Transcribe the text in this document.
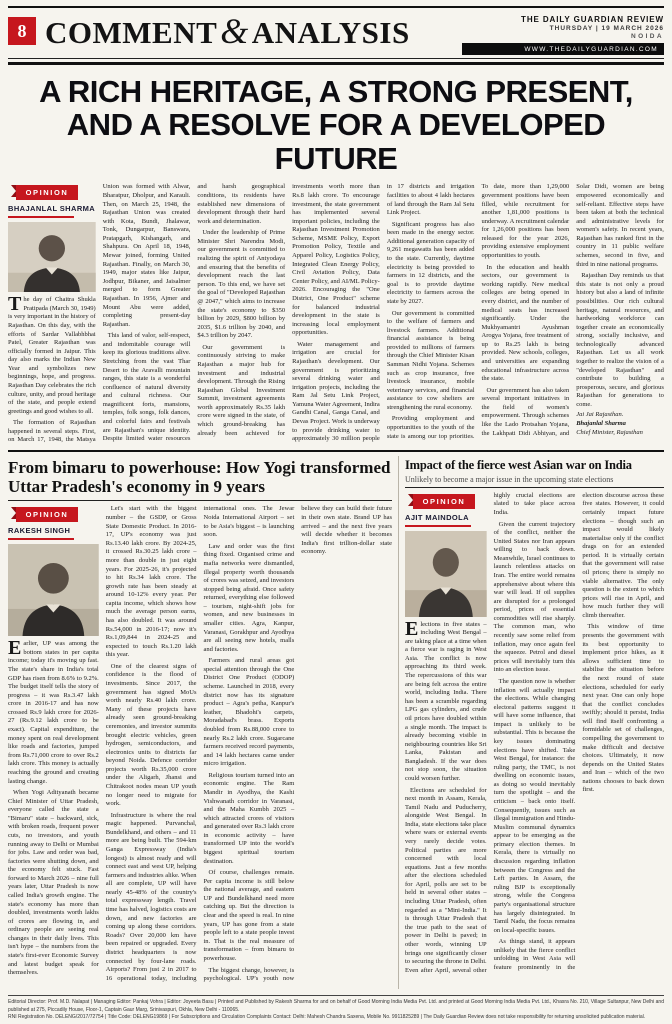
8 COMMENT&ANALYSIS	THE DAILY GUARDIAN REVIEW
THURSDAY | 19 MARCH 2026
NOIDA
WWW.THEDAILYGUARDIAN.COM
A RICH HERITAGE, A STRONG PRESENT,
AND A RESOLVE FOR A DEVELOPED FUTURE
OPINION
BHAJANLAL SHARMA

The day of Chaitra Shukla Pratipada (March 30, 1949) is very important in the history of Rajasthan. On this day, with the efforts of Sardar Vallabhbhai Patel, Greater Rajasthan was officially formed in Jaipur. This day also marks the Indian New Year and symbolizes new beginnings, hope, and progress. Rajasthan Day celebrates the rich culture, unity, and proud heritage of the state, and people extend greetings and good wishes to all.

The formation of Rajasthan happened in several steps. First, on March 17, 1948, the Matsya Union was formed with Alwar, Bharatpur, Dholpur, and Karauli. Then, on March 25, 1948, the Rajasthan Union was created with Kota, Bundi, Jhalawar, Tonk, Dungarpur, Banswara, Pratapgarh, Kishangarh, and Shahpura. On April 18, 1948, Mewar joined, forming United Rajasthan. Finally, on March 30, 1949, major states like Jaipur, Jodhpur, Bikaner, and Jaisalmer merged to form Greater Rajasthan. In 1956, Ajmer and Mount Abu were added, completing present-day Rajasthan.

This land of valor, self-respect, and indomitable courage will keep its glorious traditions alive. Stretching from the vast Thar Desert to the Aravalli mountain ranges, this state is a wonderful confluence of natural diversity and cultural richness. Our magnificent forts, mansions, temples, folk songs, folk dances, and colorful fairs and festivals are Rajasthan's unique identity. Despite limited water resources and harsh geographical conditions, its residents have established new dimensions of development through their hard work and determination.

Under the leadership of Prime Minister Shri Narendra Modi, our government is committed to realizing the spirit of Antyodaya and ensuring that the benefits of development reach the last person. To this end, we have set the goal of "Developed Rajasthan @ 2047," which aims to increase the state's economy to $350 billion by 2029, $800 billion by 2035, $1.6 trillion by 2040, and $4.3 trillion by 2047.

Our government is continuously striving to make Rajasthan a major hub for investment and industrial development. Through the Rising Rajasthan Global Investment Summit, investment agreements worth approximately Rs.35 lakh crore were signed in the state, of which ground-breaking has already been achieved for investments worth more than Rs.8 lakh crore. To encourage investment, the state government has implemented several important policies, including the Rajasthan Investment Promotion Scheme, MSME Policy, Export Promotion Policy, Textile and Apparel Policy, Logistics Policy, Integrated Clean Energy Policy, Civil Aviation Policy, Data Center Policy, and AI/ML Policy-2026. Encouraging the "One District, One Product" scheme for balanced industrial development in the state is increasing local employment opportunities.

Water management and irrigation are crucial for Rajasthan's development. Our government is prioritizing several drinking water and irrigation projects, including the Ram Jal Setu Link Project, Yamuna Water Agreement, Indira Gandhi Canal, Ganga Canal, and Devas Project. Work is underway to provide drinking water to approximately 30 million people in 17 districts and irrigation facilities to about 4 lakh hectares of land through the Ram Jal Setu Link Project.

Significant progress has also been made in the energy sector. Additional generation capacity of 9,261 megawatts has been added to the state. Currently, daytime electricity is being provided to farmers in 12 districts, and the goal is to provide daytime electricity to farmers across the state by 2027.

Our government is committed to the welfare of farmers and livestock farmers. Additional financial assistance is being provided to millions of farmers through the Chief Minister Kisan Samman Nidhi Yojana. Schemes such as crop insurance, free livestock insurance, mobile veterinary services, and financial assistance to cow shelters are strengthening the rural economy.

Providing employment and opportunities to the youth of the state is among our top priorities. To date, more than 1,29,000 government positions have been filled, while recruitment for another 1,81,000 positions is underway. A recruitment calendar for 1,26,000 positions has been released for the year 2026, providing extensive employment opportunities to youth.

In the education and health sectors, our government is working rapidly. New medical colleges are being opened in every district, and the number of medical seats has increased significantly. Under the Mukhyamantri Ayushman Arogya Yojana, free treatment of up to Rs.25 lakh is being provided. New schools, colleges, and universities are expanding educational infrastructure across the state.

Our government has also taken several important initiatives in the field of women's empowerment. Through schemes like the Lado Protsahan Yojana, the Lakhpati Didi Abhiyan, and Solar Didi, women are being empowered economically and self-reliant. Effective steps have been taken at both the technical and administrative levels for women's safety. In recent years, Rajasthan has ranked first in the country in 11 public welfare schemes, second in five, and third in nine national programs.

Rajasthan Day reminds us that this state is not only a proud history but also a land of infinite possibilities. Our rich cultural heritage, natural resources, and hardworking workforce can together create an economically strong, socially inclusive, and technologically advanced Rajasthan. Let us all work together to realize the vision of a "developed Rajasthan" and contribute to building a prosperous, secure, and glorious Rajasthan for generations to come.

Jai Jai Rajasthan.
Bhajanlal Sharma
Chief Minister, Rajasthan
From bimaru to powerhouse: How Yogi transformed Uttar Pradesh's economy in 9 years
OPINION
RAKESH SINGH

Earlier, UP was among the bottom states in per capita income; today it's moving up fast. The state's share in India's total GDP has risen from 8.6% to 9.2%. The budget itself tells the story of progress – it was Rs.3.47 lakh crore in 2016-17 and has now crossed Rs.9 lakh crore for 2026-27 (Rs.9.12 lakh crore to be exact). Capital expenditure, the money spent on real development like roads and factories, jumped from Rs.71,000 crore to over Rs.2 lakh crore. This money is actually reaching the ground and creating lasting change.

When Yogi Adityanath became Chief Minister of Uttar Pradesh, everyone called the state a "Bimaru" state – backward, sick, with broken roads, frequent power cuts, no investors, and youth running away to Delhi or Mumbai for jobs. Law and order was bad, factories were shutting down, and the economy felt stuck. Fast forward to March 2026 – nine full years later, Uttar Pradesh is now called India's growth engine. The state's economy has more than doubled, investments worth lakhs of crores are flowing in, and ordinary people are seeing real changes in their daily lives. This isn't hype – the numbers from the state's first-ever Economic Survey and latest budget speak for themselves.

Let's start with the biggest number – the GSDP, or Gross State Domestic Product. In 2016-17, UP's economy was just Rs.13.40 lakh crore. By 2024-25, it crossed Rs.30.25 lakh crore – more than double in just eight years. For 2025-26, it's projected to hit Rs.34 lakh crore. The growth rate has been steady at around 10-12% every year. Per capita income, which shows how much the average person earns, has also doubled. It was around Rs.54,000 in 2016-17; now it's Rs.1,09,844 in 2024-25 and expected to touch Rs.1.20 lakh this year.

One of the clearest signs of confidence is the flood of investments. Since 2017, the government has signed MoUs worth nearly Rs.40 lakh crore. Many of these projects have already seen ground-breaking ceremonies, and investor summits brought electric vehicles, green hydrogen, semiconductors, and electronics units to districts far beyond Noida. Defence corridor projects worth Rs.35,000 crore under the Aligarh, Jhansi and Chitrakoot nodes mean UP youth no longer need to migrate for work.

Infrastructure is where the real magic happened. Purvanchal, Bundelkhand, and others – and 11 more are being built. The 594-km Ganga Expressway (India's longest) is almost ready and will connect east and west UP, helping farmers and industries alike. When all are complete, UP will have nearly 45-48% of the country's total expressway length. Travel time has halved, logistics costs are down, and new factories are coming up along these corridors. Roads? Over 20,000 km have been repaired or upgraded. Every district headquarters is now connected by four-lane roads. Airports? From just 2 in 2017 to 16 operational today, including international ones. The Jewar Noida International Airport – set to be Asia's biggest – is launching soon.

Law and order was the first thing fixed. Organised crime and mafia networks were dismantled, illegal property worth thousands of crores was seized, and investors stopped being afraid. Once safety returned, everything else followed – tourism, night-shift jobs for women, and new businesses in smaller cities. Agra, Kanpur, Varanasi, Gorakhpur and Ayodhya are all seeing new hotels, malls and factories.

Farmers and rural areas got special attention through the One District One Product (ODOP) scheme. Launched in 2018, every district now has its signature product – Agra's petha, Kanpur's leather, Bhadohi's carpets, Moradabad's brass. Exports doubled from Rs.88,000 crore to nearly Rs.2 lakh crore. Sugarcane farmers received record payments, and 14 lakh hectares came under micro irrigation.

Religious tourism turned into an economic engine. The Ram Mandir in Ayodhya, the Kashi Vishwanath corridor in Varanasi, and the Maha Kumbh 2025 – which attracted crores of visitors and generated over Rs.3 lakh crore in economic activity – have transformed UP into the world's biggest spiritual tourism destination.

Of course, challenges remain. Per capita income is still below the national average, and eastern UP and Bundelkhand need more catching up. But the direction is clear and the speed is real. In nine years, UP has gone from a state people left to a state people invest in. That is the real measure of transformation – from bimaru to powerhouse.

The biggest change, however, is psychological. UP's youth now believe they can build their future in their own state. Brand UP has arrived – and the next five years will decide whether it becomes India's first trillion-dollar state economy.

Impact of the fierce west Asian war on India
Unlikely to become a major issue in the upcoming state elections
OPINION
AJIT MAINDOLA

Elections in five states – including West Bengal – are taking place at a time when a fierce war is raging in West Asia. The conflict is now approaching its third week. The repercussions of this war are being felt across the entire world, including India. There has been a scramble regarding LPG gas cylinders, and crude oil prices have doubled within a single month. The impact is already becoming visible in neighbouring countries like Sri Lanka, Pakistan and Bangladesh. If the war does not stop soon, the situation could worsen further.

Elections are scheduled for next month in Assam, Kerala, Tamil Nadu and Puducherry, alongside West Bengal. In India, state elections take place where wars or external events very rarely decide votes. Political parties are more concerned with local equations. Just a few months after the elections scheduled for April, polls are set to be held in several other states – including Uttar Pradesh, often regarded as a "Mini-India." It is through Uttar Pradesh that the true path to the seat of power in Delhi is paved; in other words, winning UP brings one significantly closer to securing the throne in Delhi. Even after April, several other highly crucial elections are slated to take place across India.

Given the current trajectory of the conflict, neither the United States nor Iran appears willing to back down. Meanwhile, Israel continues to launch relentless attacks on Iran. The entire world remains apprehensive about where this war will lead. If oil supplies are disrupted for a prolonged period, prices of essential commodities will rise sharply. The common man, who recently saw some relief from inflation, may once again feel the squeeze. Petrol and diesel prices will inevitably turn this into an election issue.

The question now is whether inflation will actually impact the elections. While changing electoral patterns suggest it will have some influence, that impact is unlikely to be substantial. This is because the key issues dominating elections have shifted. Take West Bengal, for instance: the ruling party, the TMC, is not dwelling on economic issues, as doing so would inevitably turn the spotlight – and the criticism – back onto itself. Consequently, issues such as illegal immigration and Hindu-Muslim communal dynamics appear to be emerging as the primary election themes. In Kerala, there is virtually no discussion regarding inflation between the Congress and the Left parties. In Assam, the ruling BJP is exceptionally strong, while the Congress party's organisational structure has largely disintegrated. In Tamil Nadu, the focus remains on local-specific issues.

As things stand, it appears unlikely that the fierce conflict unfolding in West Asia will feature prominently in the election discourse across these five states. However, it could certainly impact future elections – though such an impact would likely materialise only if the conflict drags on for an extended period. It is virtually certain that the government will raise oil prices; there is simply no viable alternative. The only question is the extent to which prices will rise in April, and how much further they will climb thereafter.

This window of time presents the government with its best opportunity to implement price hikes, as it allows sufficient time to stabilise the situation before the next round of state elections, scheduled for early next year. One can only hope that the conflict concludes swiftly; should it persist, India will find itself confronting a formidable set of challenges, compelling the government to make difficult and decisive choices. Ultimately, it now depends on the United States and Iran – which of the two nations chooses to back down first.

Editorial Director: Prof. M.D. Nalapat | Managing Editor: Pankaj Vohra | Editor: Joyeeta Basu | Printed and Published by Rakesh Sharma for and on behalf of Good Morning India Media Pvt. Ltd. and printed at Good Morning India Media Pvt. Ltd., Khasra No. 210, Village Sultanpur, New Delhi and published at 275, Piccadily House, Floor-1, Captain Gaur Marg, Srinivaspuri, Okhla, New Delhi - 110065.
RNI Registration No. DELENG/2017/72754 | Title Code: DELENG19869 | For Subscriptions and Circulation Complaints Contact: Delhi: Mahesh Chandra Saxena, Mobile No. 9911825289 | The Daily Guardian Review does not take responsibility for returning unsolicited publication material.
